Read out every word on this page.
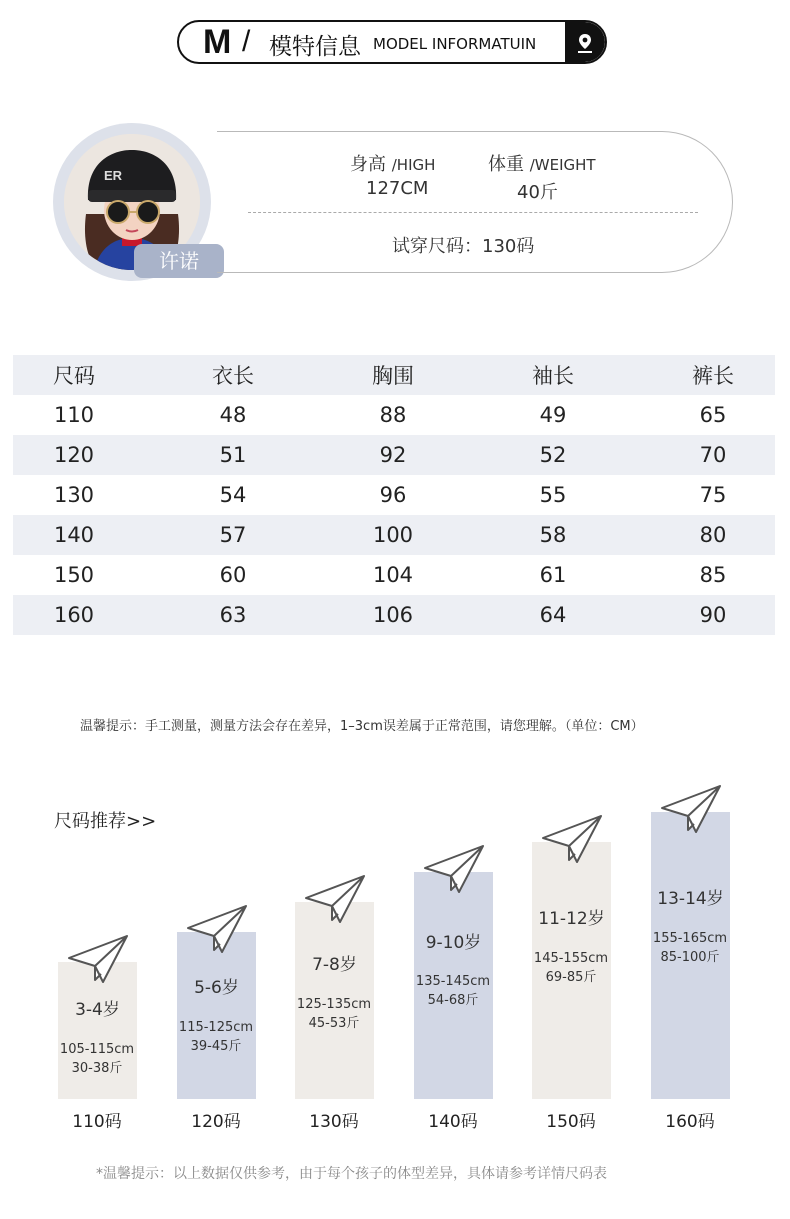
M / 模特信息 MODEL INFORMATUIN
ER
许诺
身高 /HIGH
127CM
体重 /WEIGHT
40斤
试穿尺码：130码
尺码	衣长	胸围	袖长	裤长
110	48	88	49	65
120	51	92	52	70
130	54	96	55	75
140	57	100	58	80
150	60	104	61	85
160	63	106	64	90
温馨提示：手工测量，测量方法会存在差异，1–3cm误差属于正常范围，请您理解。（单位：CM）
尺码推荐>>
3-4岁
105-115cm
30-38斤
110码
5-6岁
115-125cm
39-45斤
120码
7-8岁
125-135cm
45-53斤
130码
9-10岁
135-145cm
54-68斤
140码
11-12岁
145-155cm
69-85斤
150码
13-14岁
155-165cm
85-100斤
160码
*温馨提示：以上数据仅供参考，由于每个孩子的体型差异，具体请参考详情尺码表
